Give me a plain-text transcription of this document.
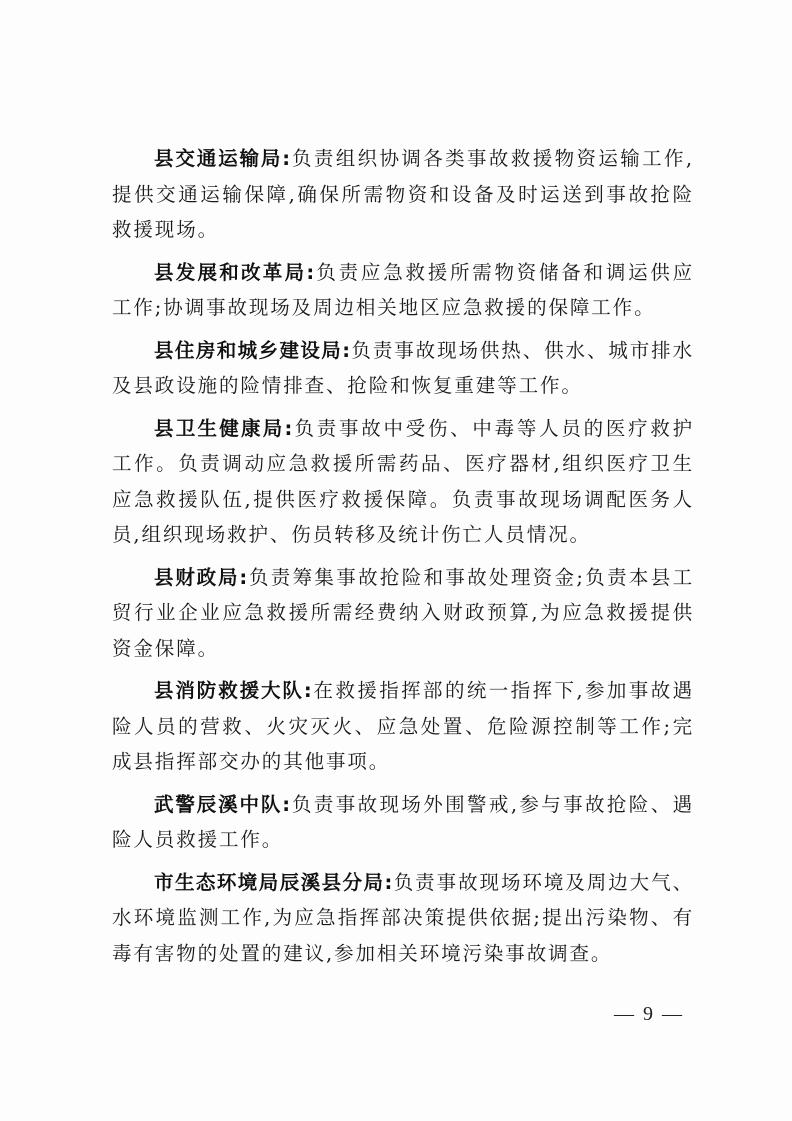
县交通运输局:负责组织协调各类事故救援物资运输工作,提供交通运输保障,确保所需物资和设备及时运送到事故抢险救援现场。

县发展和改革局:负责应急救援所需物资储备和调运供应工作;协调事故现场及周边相关地区应急救援的保障工作。

县住房和城乡建设局:负责事故现场供热、供水、城市排水及县政设施的险情排查、抢险和恢复重建等工作。

县卫生健康局:负责事故中受伤、中毒等人员的医疗救护工作。负责调动应急救援所需药品、医疗器材,组织医疗卫生应急救援队伍,提供医疗救援保障。负责事故现场调配医务人员,组织现场救护、伤员转移及统计伤亡人员情况。

县财政局:负责筹集事故抢险和事故处理资金;负责本县工贸行业企业应急救援所需经费纳入财政预算,为应急救援提供资金保障。

县消防救援大队:在救援指挥部的统一指挥下,参加事故遇险人员的营救、火灾灭火、应急处置、危险源控制等工作;完成县指挥部交办的其他事项。

武警辰溪中队:负责事故现场外围警戒,参与事故抢险、遇险人员救援工作。

市生态环境局辰溪县分局:负责事故现场环境及周边大气、水环境监测工作,为应急指挥部决策提供依据;提出污染物、有毒有害物的处置的建议,参加相关环境污染事故调查。

— 9 —
